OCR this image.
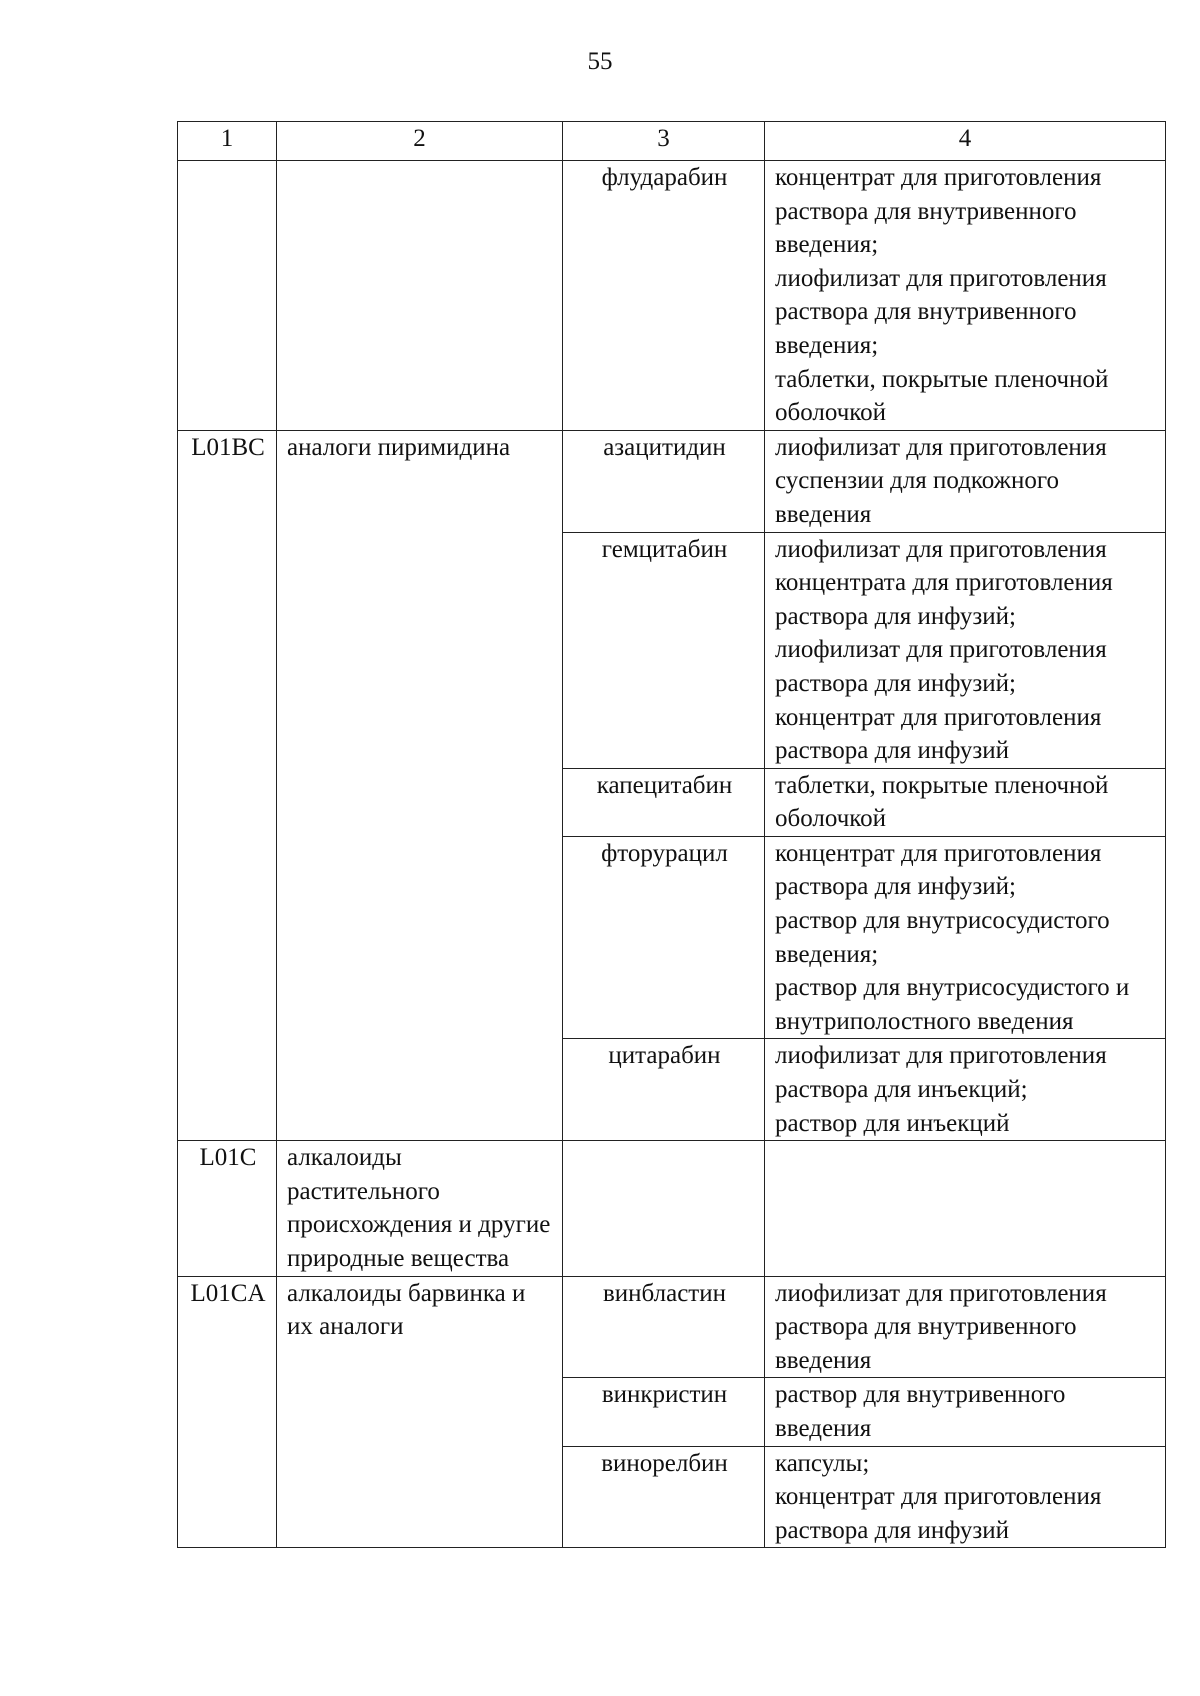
55
1	2	3	4
		флударабин	концентрат для приготовления раствора для внутривенного введения;
лиофилизат для приготовления раствора для внутривенного введения;
таблетки, покрытые пленочной оболочкой

L01BC	аналоги пиримидина	азацитидин	лиофилизат для приготовления суспензии для подкожного введения

		гемцитабин	лиофилизат для приготовления концентрата для приготовления раствора для инфузий;
лиофилизат для приготовления раствора для инфузий;
концентрат для приготовления раствора для инфузий

		капецитабин	таблетки, покрытые пленочной оболочкой

		фторурацил	концентрат для приготовления раствора для инфузий;
раствор для внутрисосудистого введения;
раствор для внутрисосудистого и внутриполостного введения

		цитарабин	лиофилизат для приготовления раствора для инъекций;
раствор для инъекций

L01C	алкалоиды растительного происхождения и другие природные вещества		
L01CA	алкалоиды барвинка и их аналоги	винбластин	лиофилизат для приготовления раствора для внутривенного введения

		винкристин	раствор для внутривенного введения

		винорелбин	капсулы;
концентрат для приготовления раствора для инфузий
